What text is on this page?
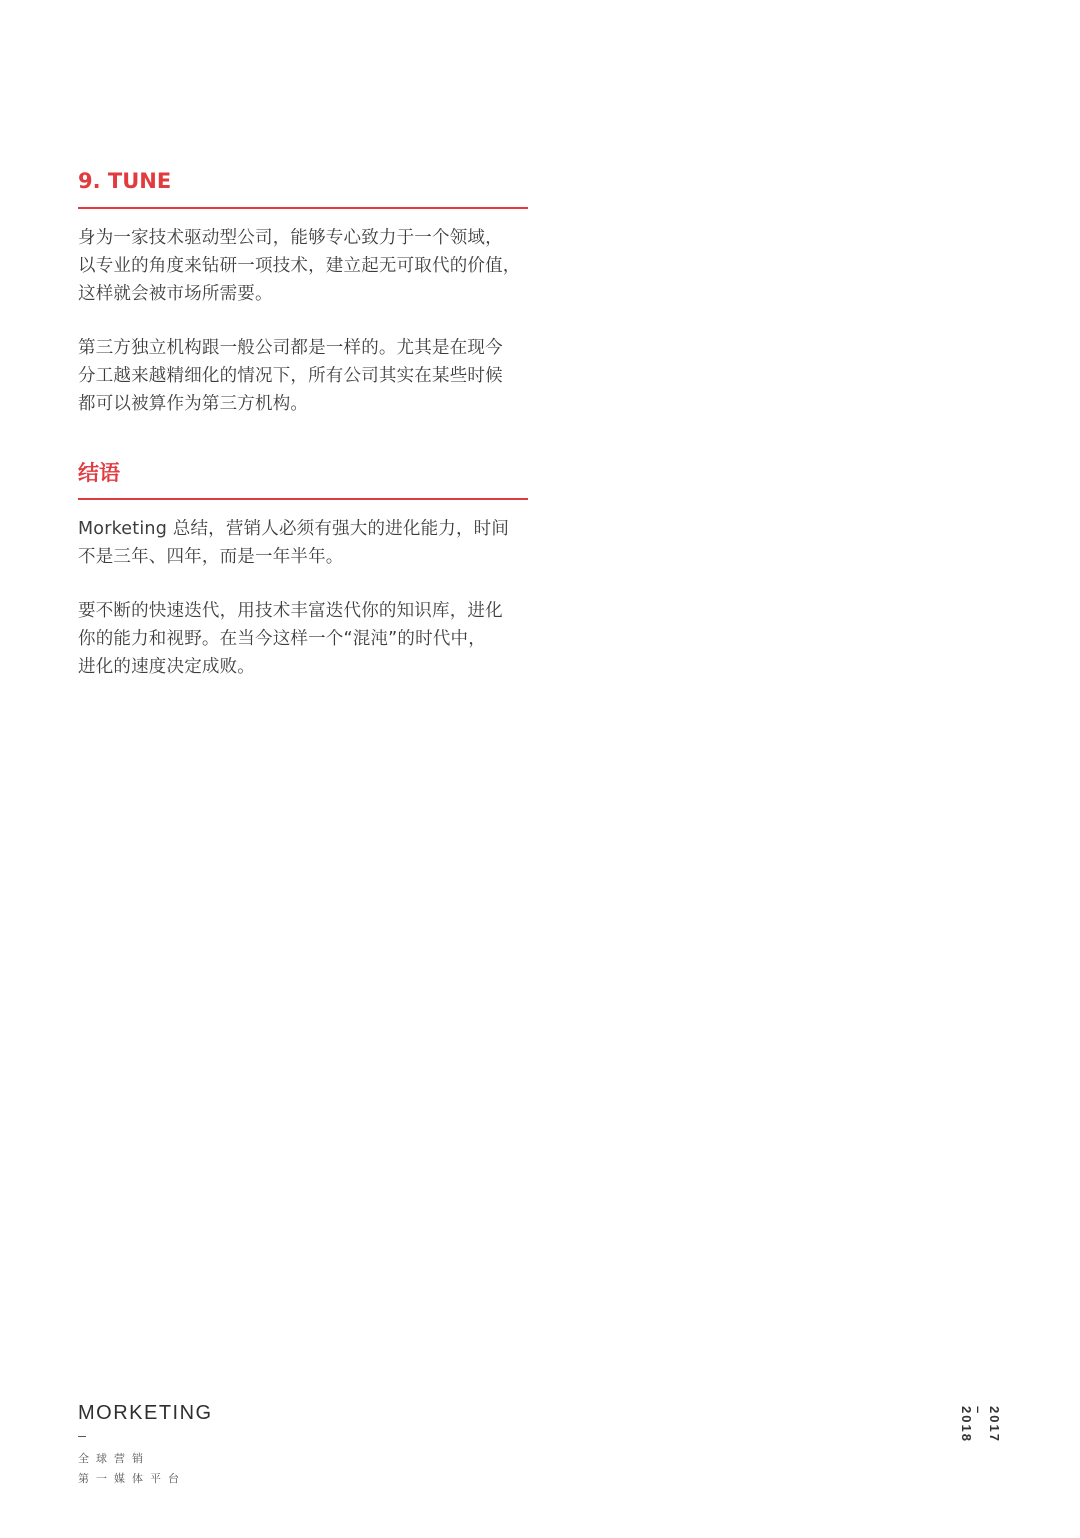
9. TUNE

身为一家技术驱动型公司，能够专心致力于一个领域，
以专业的角度来钻研一项技术，建立起无可取代的价值，
这样就会被市场所需要。

第三方独立机构跟一般公司都是一样的。尤其是在现今
分工越来越精细化的情况下，所有公司其实在某些时候
都可以被算作为第三方机构。

结语

Morketing 总结，营销人必须有强大的进化能力，时间
不是三年、四年，而是一年半年。

要不断的快速迭代，用技术丰富迭代你的知识库，进化
你的能力和视野。在当今这样一个“混沌”的时代中，
进化的速度决定成败。

MORKETING
全球营销
第一媒体平台
2017
–
2018
